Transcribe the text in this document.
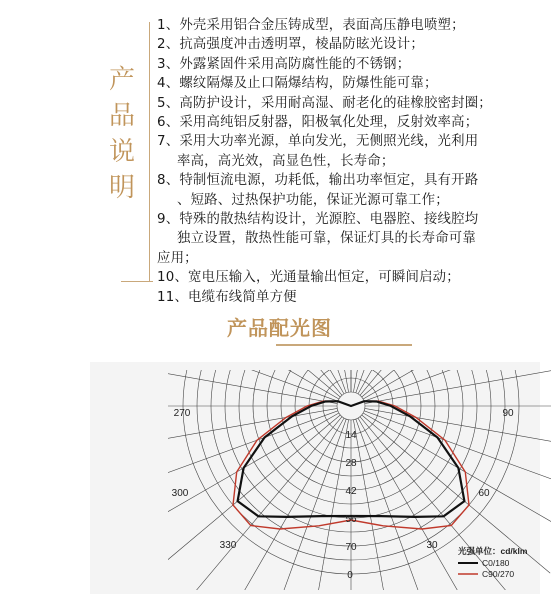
产
品
说
明
1、 外壳采用铝合金压铸成型，表面高压静电喷塑；
2、 抗高强度冲击透明罩，棱晶防眩光设计；
3、 外露紧固件采用高防腐性能的不锈钢；
4、 螺纹隔爆及止口隔爆结构，防爆性能可靠；
5、 高防护设计，采用耐高湿、耐老化的硅橡胶密封圈；
6、 采用高纯铝反射器，阳极氧化处理，反射效率高；
7、 采用大功率光源，单向发光，无侧照光线，光利用
率高，高光效，高显色性，长寿命；
8、 特制恒流电源，功耗低，输出功率恒定，具有开路
、短路、过热保护功能，保证光源可靠工作；
9、 特殊的散热结构设计，光源腔、电器腔、接线腔均
独立设置，散热性能可靠，保证灯具的长寿命可靠
应用；
10、 宽电压输入，光通量输出恒定，可瞬间启动；
11、 电缆布线简单方便
产品配光图
14
28
42
56
70
270	90
300	60
330	30
0
光强单位：cd/klm
C0/180
C90/270
